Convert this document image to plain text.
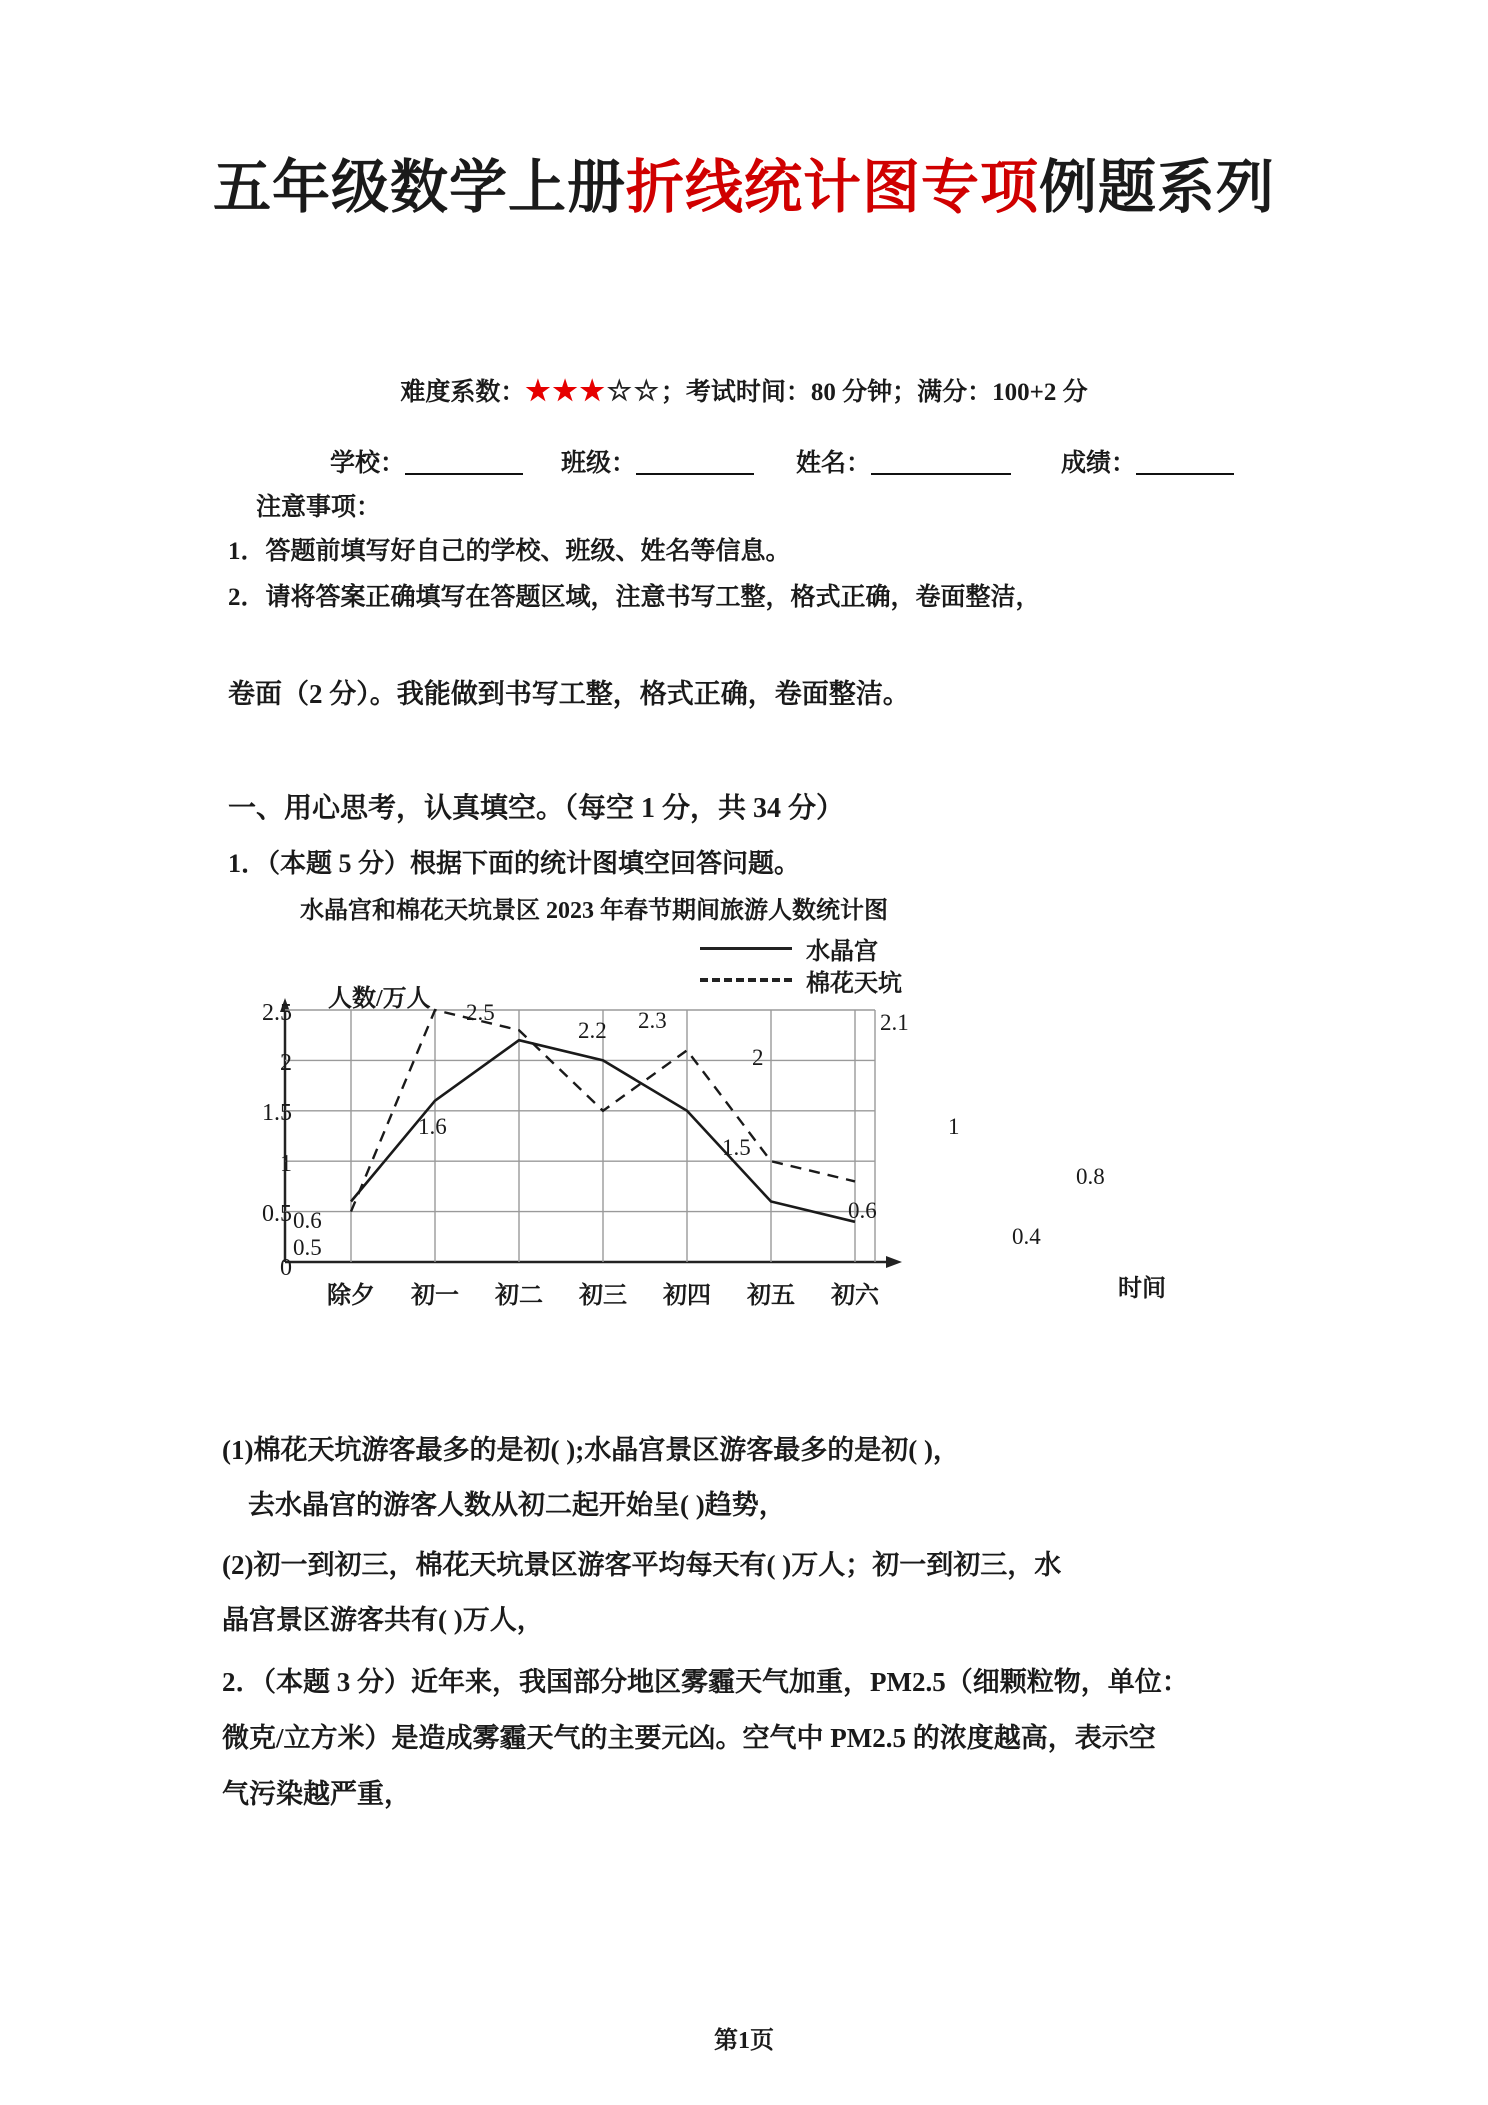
五年级数学上册折线统计图专项例题系列
难度系数：★★★☆☆；考试时间：80 分钟；满分：100+2 分
学校：	班级：	姓名：	成绩：
注意事项：
1．答题前填写好自己的学校、班级、姓名等信息。
2．请将答案正确填写在答题区域，注意书写工整，格式正确，卷面整洁，
卷面（2 分）。我能做到书写工整，格式正确，卷面整洁。
一、用心思考，认真填空。（每空 1 分，共 34 分）
1．（本题 5 分）根据下面的统计图填空回答问题。
水晶宫和棉花天坑景区 2023 年春节期间旅游人数统计图
水晶宫
棉花天坑
人数/万人
时间
0
0.5
1
1.5
2
2.5
除夕	初一	初二	初三	初四	初五	初六
0.6
1.6
2.2
2
0.6
0.4
0.5
2.5	2.3
1.5
2.1
1
0.8
(1)棉花天坑游客最多的是初( );水晶宫景区游客最多的是初( )，
去水晶宫的游客人数从初二起开始呈( )趋势，
(2)初一到初三，棉花天坑景区游客平均每天有( )万人；初一到初三，水
晶宫景区游客共有( )万人，
2．（本题 3 分）近年来，我国部分地区雾霾天气加重，PM2.5（细颗粒物，单位：
微克/立方米）是造成雾霾天气的主要元凶。空气中 PM2.5 的浓度越高，表示空
气污染越严重，
第1页
